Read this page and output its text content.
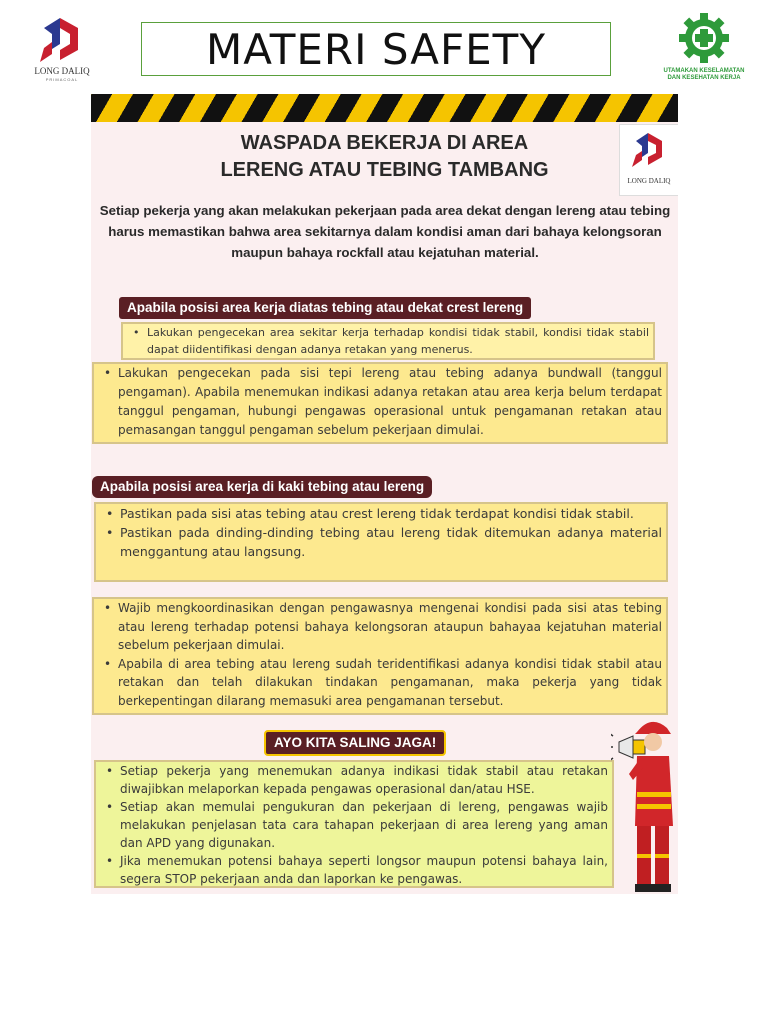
LONG DALIQ
PRIMACOAL
MATERI SAFETY	UTAMAKAN KESELAMATAN
DAN KESEHATAN KERJA
WASPADA BEKERJA DI AREA
LERENG ATAU TEBING TAMBANG	LONG DALIQ
Setiap pekerja yang akan melakukan pekerjaan pada area dekat dengan lereng atau tebing harus memastikan bahwa area sekitarnya dalam kondisi aman dari bahaya kelongsoran maupun bahaya rockfall atau kejatuhan material.
Apabila posisi area kerja diatas tebing atau dekat crest lereng
• Lakukan pengecekan area sekitar kerja terhadap kondisi tidak stabil, kondisi tidak stabil dapat diidentifikasi dengan adanya retakan yang menerus.
• Lakukan pengecekan pada sisi tepi lereng atau tebing adanya bundwall (tanggul pengaman). Apabila menemukan indikasi adanya retakan atau area kerja belum terdapat tanggul pengaman, hubungi pengawas operasional untuk pengamanan retakan atau pemasangan tanggul pengaman sebelum pekerjaan dimulai.
Apabila posisi area kerja di kaki tebing atau lereng
• Pastikan pada sisi atas tebing atau crest lereng tidak terdapat kondisi tidak stabil.
• Pastikan pada dinding-dinding tebing atau lereng tidak ditemukan adanya material menggantung atau langsung.
• Wajib mengkoordinasikan dengan pengawasnya mengenai kondisi pada sisi atas tebing atau lereng terhadap potensi bahaya kelongsoran ataupun bahayaa kejatuhan material sebelum pekerjaan dimulai.
• Apabila di area tebing atau lereng sudah teridentifikasi adanya kondisi tidak stabil atau retakan dan telah dilakukan tindakan pengamanan, maka pekerja yang tidak berkepentingan dilarang memasuki area pengamanan tersebut.
AYO KITA SALING JAGA!
• Setiap pekerja yang menemukan adanya indikasi tidak stabil atau retakan diwajibkan melaporkan kepada pengawas operasional dan/atau HSE.
• Setiap akan memulai pengukuran dan pekerjaan di lereng, pengawas wajib melakukan penjelasan tata cara tahapan pekerjaan di area lereng yang aman dan APD yang digunakan.
• Jika menemukan potensi bahaya seperti longsor maupun potensi bahaya lain, segera STOP pekerjaan anda dan laporkan ke pengawas.
